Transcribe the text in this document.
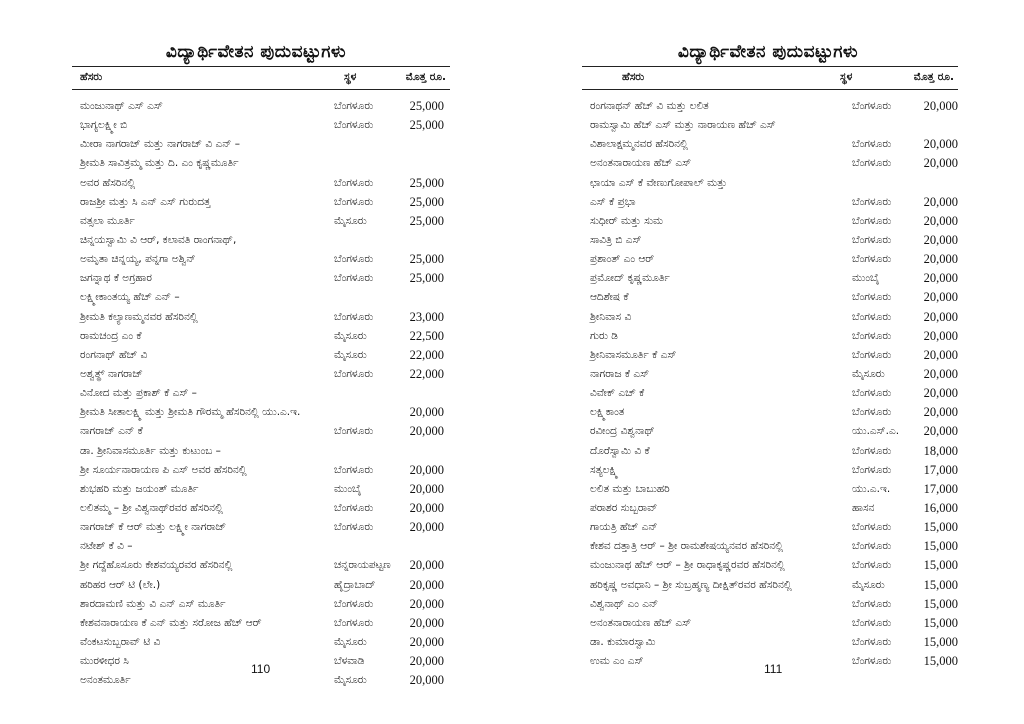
ವಿದ್ಯಾರ್ಥಿವೇತನ ಪುದುವಟ್ಟುಗಳು
ಹೆಸರು	ಸ್ಥಳ	ಮೊತ್ತ ರೂ.
ಮಂಜುನಾಥ್ ಎಸ್ ಎಸ್	ಬೆಂಗಳೂರು	25,000
ಭಾಗ್ಯಲಕ್ಷ್ಮೀ ಬಿ	ಬೆಂಗಳೂರು	25,000
ಮೀರಾ ನಾಗರಾಜ್ ಮತ್ತು ನಾಗರಾಜ್ ವಿ ಎನ್ –
ಶ್ರೀಮತಿ ಸಾವಿತ್ರಮ್ಮ ಮತ್ತು ದಿ. ಎಂ ಕೃಷ್ಣಮೂರ್ತಿ
ಅವರ ಹೆಸರಿನಲ್ಲಿ	ಬೆಂಗಳೂರು	25,000
ರಾಜಶ್ರೀ ಮತ್ತು ಸಿ ಎನ್ ಎಸ್ ಗುರುದತ್ತ	ಬೆಂಗಳೂರು	25,000
ವತ್ಸಲಾ ಮೂರ್ತಿ	ಮೈಸೂರು	25,000
ಚಿನ್ನಯಸ್ವಾಮಿ ವಿ ಆರ್, ಕಲಾವತಿ ರಾಂಗನಾಥ್,
ಅಮೃತಾ ಚಿನ್ನಯ್ಯ, ಪನ್ನಗಾ ಅಶ್ವಿನ್	ಬೆಂಗಳೂರು	25,000
ಜಗನ್ನಾಥ ಕೆ ಅಗ್ರಹಾರ	ಬೆಂಗಳೂರು	25,000
ಲಕ್ಷ್ಮೀಕಾಂತಯ್ಯ ಹೆಚ್ ಎನ್ –
ಶ್ರೀಮತಿ ಕಲ್ಯಾಣಮ್ಮನವರ ಹೆಸರಿನಲ್ಲಿ	ಬೆಂಗಳೂರು	23,000
ರಾಮಚಂದ್ರ ಎಂ ಕೆ	ಮೈಸೂರು	22,500
ರಂಗನಾಥ್ ಹೆಚ್ ವಿ	ಮೈಸೂರು	22,000
ಅಶ್ವತ್ಥ್ ನಾಗರಾಜ್	ಬೆಂಗಳೂರು	22,000
ವಿನೋದ ಮತ್ತು ಪ್ರಕಾಶ್ ಕೆ ಎಸ್ –
ಶ್ರೀಮತಿ ಸೀತಾಲಕ್ಷ್ಮಿ ಮತ್ತು ಶ್ರೀಮತಿ ಗೌರಮ್ಮ ಹೆಸರಿನಲ್ಲಿ ಯು.ಎ.ಇ.	20,000
ನಾಗರಾಜ್ ಎನ್ ಕೆ	ಬೆಂಗಳೂರು	20,000
ಡಾ. ಶ್ರೀನಿವಾಸಮೂರ್ತಿ ಮತ್ತು ಕುಟುಂಬ –
ಶ್ರೀ ಸೂರ್ಯನಾರಾಯಣ ಪಿ ಎಸ್ ಅವರ ಹೆಸರಿನಲ್ಲಿ	ಬೆಂಗಳೂರು	20,000
ಶುಭಹರಿ ಮತ್ತು ಜಯಂತ್ ಮೂರ್ತಿ	ಮುಂಬೈ	20,000
ಲಲಿತಮ್ಮ – ಶ್ರೀ ವಿಶ್ವನಾಥ್‌ರವರ ಹೆಸರಿನಲ್ಲಿ	ಬೆಂಗಳೂರು	20,000
ನಾಗರಾಜ್ ಕೆ ಆರ್ ಮತ್ತು ಲಕ್ಷ್ಮೀ ನಾಗರಾಜ್	ಬೆಂಗಳೂರು	20,000
ನಟೇಶ್ ಕೆ ವಿ –
ಶ್ರೀ ಗದ್ದೆಹೊಸೂರು ಕೇಶವಯ್ಯರವರ ಹೆಸರಿನಲ್ಲಿ	ಚನ್ನರಾಯಪಟ್ಟಣ 20,000
ಹರಿಹರ ಆರ್ ಟಿ (ಲೇ.)	ಹೈದ್ರಾಬಾದ್	20,000
ಶಾರದಾಮಣಿ ಮತ್ತು ವಿ ಎನ್ ಎಸ್ ಮೂರ್ತಿ	ಬೆಂಗಳೂರು	20,000
ಕೇಶವನಾರಾಯಣ ಕೆ ಎನ್ ಮತ್ತು ಸರೋಜ ಹೆಚ್ ಆರ್	ಬೆಂಗಳೂರು	20,000
ವೆಂಕಟಸುಬ್ಬರಾವ್ ಟಿ ವಿ	ಮೈಸೂರು	20,000
ಮುರಳೀಧರ ಸಿ	ಬೆಳವಾಡಿ	20,000
ಅನಂತಮೂರ್ತಿ	ಮೈಸೂರು	20,000
110
ವಿದ್ಯಾರ್ಥಿವೇತನ ಪುದುವಟ್ಟುಗಳು
ಹೆಸರು	ಸ್ಥಳ	ಮೊತ್ತ ರೂ.
ರಂಗನಾಥನ್ ಹೆಚ್ ವಿ ಮತ್ತು ಲಲಿತ	ಬೆಂಗಳೂರು	20,000
ರಾಮಸ್ವಾಮಿ ಹೆಚ್ ಎಸ್ ಮತ್ತು ನಾರಾಯಣ ಹೆಚ್ ಎಸ್
ವಿಶಾಲಾಕ್ಷಮ್ಮನವರ ಹೆಸರಿನಲ್ಲಿ	ಬೆಂಗಳೂರು	20,000
ಅನಂತನಾರಾಯಣ ಹೆಚ್ ಎಸ್	ಬೆಂಗಳೂರು	20,000
ಛಾಯಾ ಎಸ್ ಕೆ ವೇಣುಗೋಪಾಲ್ ಮತ್ತು
ಎಸ್ ಕೆ ಪ್ರಭಾ	ಬೆಂಗಳೂರು	20,000
ಸುಧೀರ್ ಮತ್ತು ಸುಮ	ಬೆಂಗಳೂರು	20,000
ಸಾವಿತ್ರಿ ಬಿ ಎಸ್	ಬೆಂಗಳೂರು	20,000
ಪ್ರಶಾಂತ್ ಎಂ ಆರ್	ಬೆಂಗಳೂರು	20,000
ಪ್ರಮೋದ್ ಕೃಷ್ಣಮೂರ್ತಿ	ಮುಂಬೈ	20,000
ಆದಿಶೇಷ ಕೆ	ಬೆಂಗಳೂರು	20,000
ಶ್ರೀನಿವಾಸ ವಿ	ಬೆಂಗಳೂರು	20,000
ಗುರು ಡಿ	ಬೆಂಗಳೂರು	20,000
ಶ್ರೀನಿವಾಸಮೂರ್ತಿ ಕೆ ಎಸ್	ಬೆಂಗಳೂರು	20,000
ನಾಗರಾಜ ಕೆ ಎಸ್	ಮೈಸೂರು	20,000
ವಿವೇಕ್ ಎಚ್ ಕೆ	ಬೆಂಗಳೂರು	20,000
ಲಕ್ಷ್ಮಿಕಾಂತ	ಬೆಂಗಳೂರು	20,000
ರವೀಂದ್ರ ವಿಶ್ವನಾಥ್	ಯು.ಎಸ್.ಎ. 20,000
ದೊರೆಸ್ವಾಮಿ ವಿ ಕೆ	ಬೆಂಗಳೂರು	18,000
ಸತ್ಯಲಕ್ಷ್ಮಿ	ಬೆಂಗಳೂರು	17,000
ಲಲಿತ ಮತ್ತು ಬಾಬುಹರಿ	ಯು.ಎ.ಇ.	17,000
ಪರಾಶರ ಸುಬ್ಬರಾವ್	ಹಾಸನ	16,000
ಗಾಯತ್ರಿ ಹೆಚ್ ಎನ್	ಬೆಂಗಳೂರು	15,000
ಕೇಶವ ದತ್ತಾತ್ರಿ ಆರ್ – ಶ್ರೀ ರಾಮಶೇಷಯ್ಯನವರ ಹೆಸರಿನಲ್ಲಿ	ಬೆಂಗಳೂರು	15,000
ಮಂಜುನಾಥ ಹೆಚ್ ಆರ್ – ಶ್ರೀ ರಾಧಾಕೃಷ್ಣರವರ ಹೆಸರಿನಲ್ಲಿ	ಬೆಂಗಳೂರು	15,000
ಹರಿಕೃಷ್ಣ ಅವಧಾನಿ – ಶ್ರೀ ಸುಬ್ರಹ್ಮಣ್ಯ ದೀಕ್ಷಿತ್‌ರವರ ಹೆಸರಿನಲ್ಲಿ	ಮೈಸೂರು	15,000
ವಿಶ್ವನಾಥ್ ಎಂ ಎನ್	ಬೆಂಗಳೂರು	15,000
ಅನಂತನಾರಾಯಣ ಹೆಚ್ ಎಸ್	ಬೆಂಗಳೂರು	15,000
ಡಾ. ಕುಮಾರಸ್ವಾಮಿ	ಬೆಂಗಳೂರು	15,000
ಉಮ ಎಂ ಎಸ್	ಬೆಂಗಳೂರು	15,000
111
